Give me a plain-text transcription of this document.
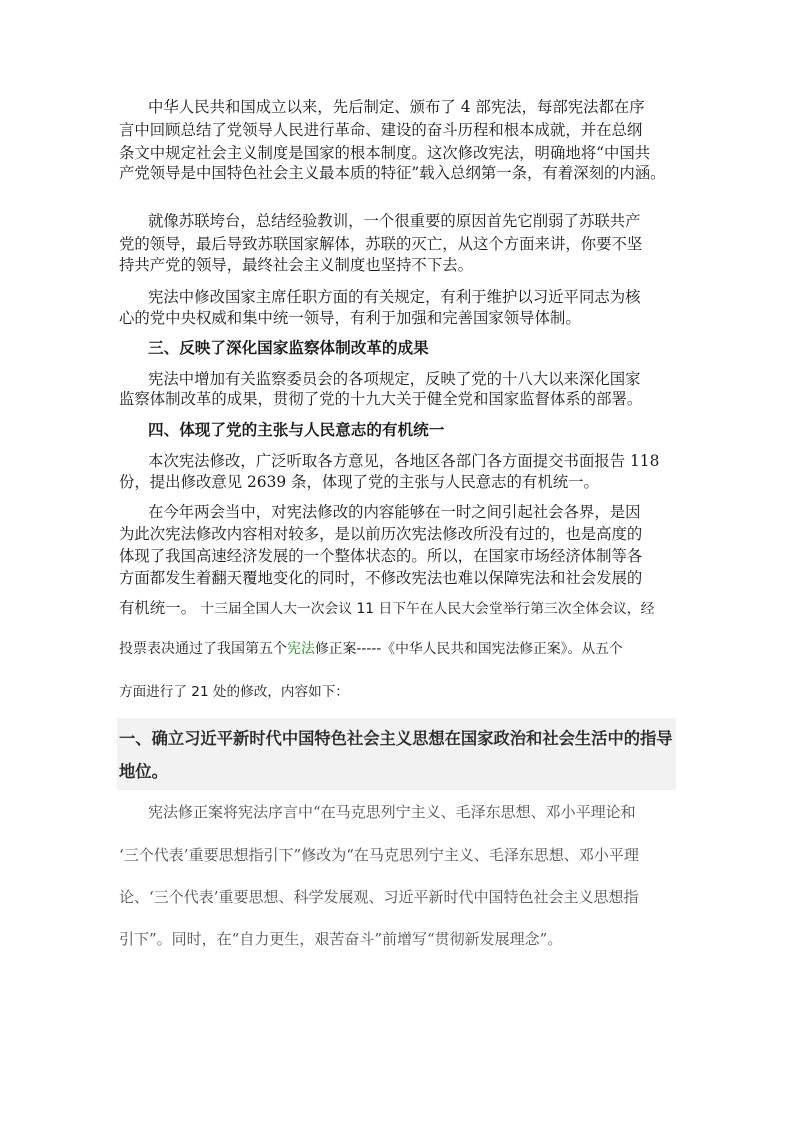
中华人民共和国成立以来，先后制定、颁布了 4 部宪法，每部宪法都在序
言中回顾总结了党领导人民进行革命、建设的奋斗历程和根本成就，并在总纲
条文中规定社会主义制度是国家的根本制度。这次修改宪法，明确地将“中国共
产党领导是中国特色社会主义最本质的特征”载入总纲第一条，有着深刻的内涵。
就像苏联垮台，总结经验教训，一个很重要的原因首先它削弱了苏联共产
党的领导，最后导致苏联国家解体，苏联的灭亡，从这个方面来讲，你要不坚
持共产党的领导，最终社会主义制度也坚持不下去。
宪法中修改国家主席任职方面的有关规定，有利于维护以习近平同志为核
心的党中央权威和集中统一领导，有利于加强和完善国家领导体制。
三、反映了深化国家监察体制改革的成果
宪法中增加有关监察委员会的各项规定，反映了党的十八大以来深化国家
监察体制改革的成果，贯彻了党的十九大关于健全党和国家监督体系的部署。
四、体现了党的主张与人民意志的有机统一
本次宪法修改，广泛听取各方意见，各地区各部门各方面提交书面报告 118
份，提出修改意见 2639 条，体现了党的主张与人民意志的有机统一。
在今年两会当中，对宪法修改的内容能够在一时之间引起社会各界，是因
为此次宪法修改内容相对较多，是以前历次宪法修改所没有过的，也是高度的
体现了我国高速经济发展的一个整体状态的。所以，在国家市场经济体制等各
方面都发生着翻天覆地变化的同时，不修改宪法也难以保障宪法和社会发展的
有机统一。 十三届全国人大一次会议 11 日下午在人民大会堂举行第三次全体会议，经
投票表决通过了我国第五个宪法修正案-----《中华人民共和国宪法修正案》。从五个
方面进行了 21 处的修改，内容如下：
一、确立习近平新时代中国特色社会主义思想在国家政治和社会生活中的指导
地位。
宪法修正案将宪法序言中“在马克思列宁主义、毛泽东思想、邓小平理论和
‘三个代表’重要思想指引下”修改为“在马克思列宁主义、毛泽东思想、邓小平理
论、‘三个代表’重要思想、科学发展观、习近平新时代中国特色社会主义思想指
引下”。同时，在“自力更生，艰苦奋斗”前增写“贯彻新发展理念”。
